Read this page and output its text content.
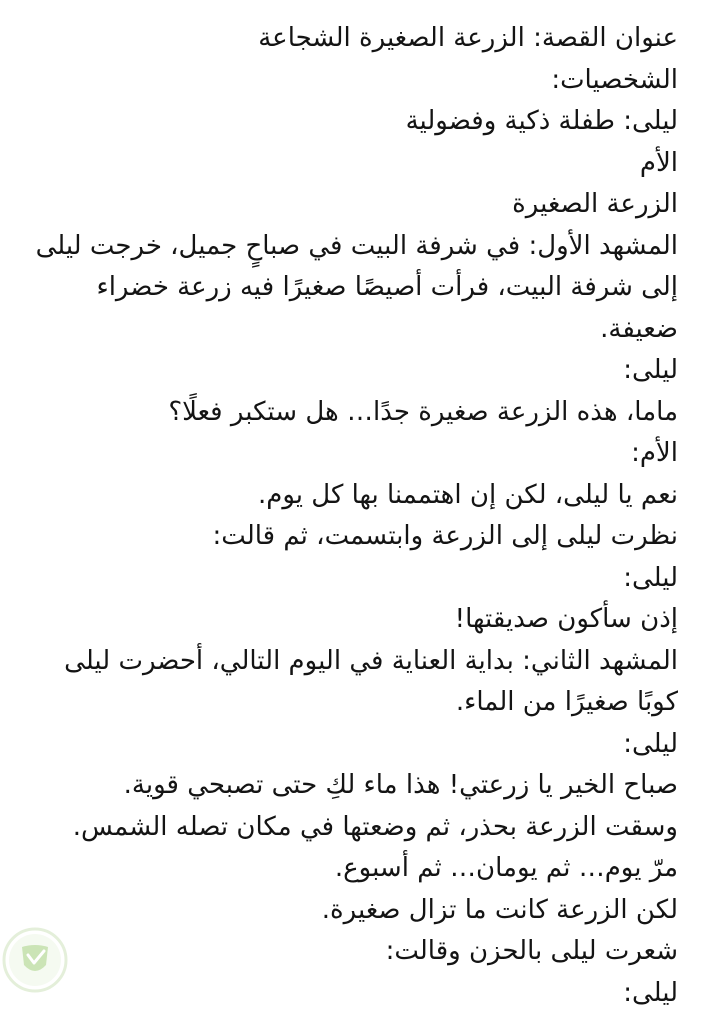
عنوان القصة: الزرعة الصغيرة الشجاعة
الشخصيات:
ليلى: طفلة ذكية وفضولية
الأم
الزرعة الصغيرة
المشهد الأول: في شرفة البيت في صباحٍ جميل، خرجت ليلى إلى شرفة البيت، فرأت أصيصًا صغيرًا فيه زرعة خضراء ضعيفة.
ليلى:
ماما، هذه الزرعة صغيرة جدًا… هل ستكبر فعلًا؟
الأم:
نعم يا ليلى، لكن إن اهتممنا بها كل يوم.
نظرت ليلى إلى الزرعة وابتسمت، ثم قالت:
ليلى:
إذن سأكون صديقتها!
المشهد الثاني: بداية العناية في اليوم التالي، أحضرت ليلى كوبًا صغيرًا من الماء.
ليلى:
صباح الخير يا زرعتي! هذا ماء لكِ حتى تصبحي قوية.
وسقت الزرعة بحذر، ثم وضعتها في مكان تصله الشمس.
مرّ يوم… ثم يومان… ثم أسبوع.
لكن الزرعة كانت ما تزال صغيرة.
شعرت ليلى بالحزن وقالت:
ليلى:
